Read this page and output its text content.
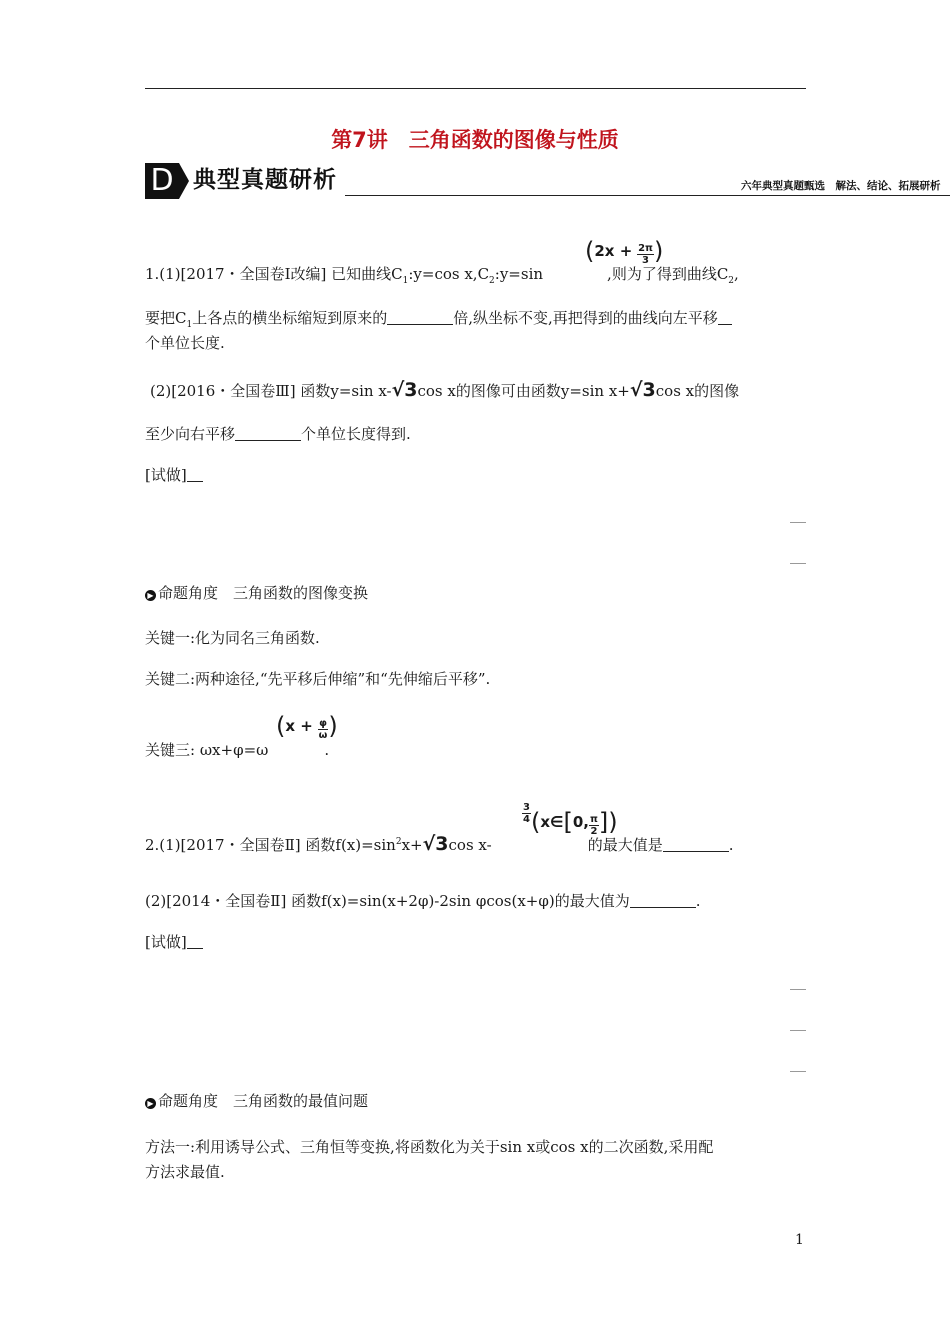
第7讲　三角函数的图像与性质
D 典型真题研析	六年典型真题甄选　解法、结论、拓展研析
1.(1)[2017・全国卷Ⅰ改编] 已知曲线$C_1:y=\cos$ $x,C_2:y=\sin$	,则为了得到曲线$C_2$,
($2x + \frac{2\pi}{3}$ )
要把$C_1$上各点的横坐标缩短到原来的	倍,纵坐标不变,再把得到的曲线向左平移
个单位长度.
(2)[2016・全国卷Ⅲ] 函数y=sin x-√3cos x的图像可由函数y=sin x+√3cos x的图像
至少向右平移	个单位长度得到.
[试做]
▶ 命题角度　三角函数的图像变换
关键一:化为同名三角函数.
关键二:两种途径,“先平移后伸缩”和“先伸缩后平移”.
关键三: ωx+φ=ω	.
($x + \frac{\varphi}{\omega}$ )
2.(1)[2017・全国卷Ⅱ] 函数$f(x)=\sin^2x+√3\cos$ x-	的最大值是	.
$\frac{3}{4}$ (x∈[0, $\frac{\pi}{2}$ ])
(2)[2014・全国卷Ⅱ] 函数f(x)=sin(x+2φ)-2sin φcos(x+φ)的最大值为	.
[试做]
▶ 命题角度　三角函数的最值问题
方法一:利用诱导公式、三角恒等变换,将函数化为关于sin x或cos x的二次函数,采用配
方法求最值.
1
